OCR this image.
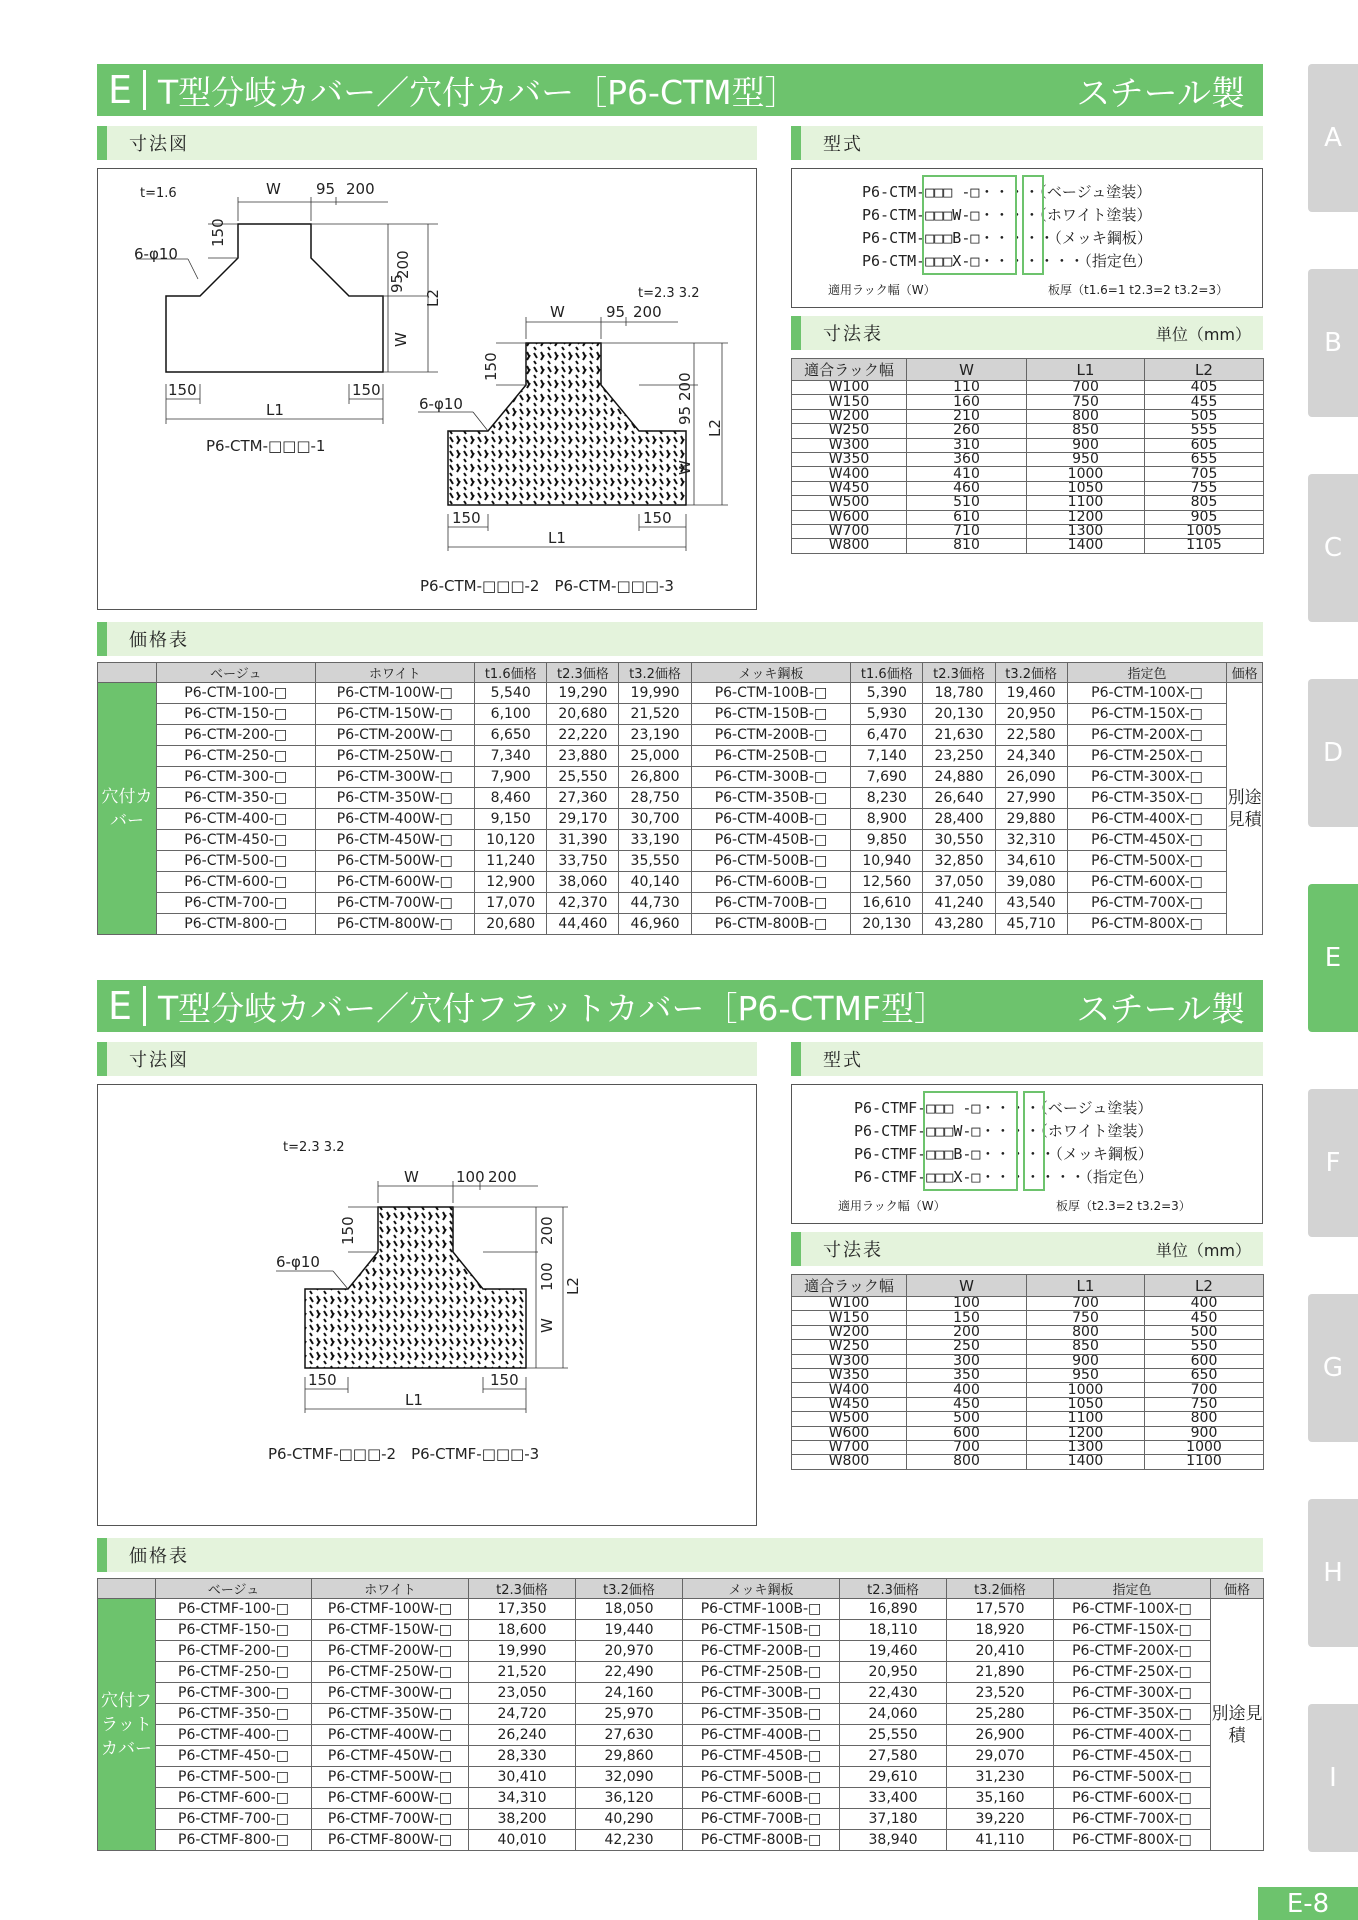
A
B
C
D
E
F
G
H
I
E-8
E T型分岐カバー／穴付カバー［P6-CTM型］	スチール製
寸法図	型式
t=1.6	W 95 200
6-φ10
150
200
95
W
L2
150	150
L1
P6-CTM-□□□-1
t=2.3 3.2
W	95 200
6-φ10
150
200
95
W
L2
150	150
L1
P6-CTM-□□□-2　P6-CTM-□□□-3
P6-CTM-□□□ -□・・・・（ベージュ塗装）
P6-CTM-□□□W-□・・・・（ホワイト塗装）
P6-CTM-□□□B-□・・・・・（メッキ鋼板）
P6-CTM-□□□X-□・・・・・・・（指定色）
適用ラック幅（W）	板厚（t1.6=1 t2.3=2 t3.2=3）
寸法表	単位（mm）
適合ラック幅	W	L1	L2
W100	110	700	405
W150	160	750	455
W200	210	800	505
W250	260	850	555
W300	310	900	605
W350	360	950	655
W400	410	1000	705
W450	460	1050	755
W500	510	1100	805
W600	610	1200	905
W700	710	1300	1005
W800	810	1400	1105
価格表
	ベージュ	ホワイト	t1.6価格	t2.3価格	t3.2価格	メッキ鋼板	t1.6価格	t2.3価格	t3.2価格	指定色	価格
穴付カバー	P6-CTM-100-□	P6-CTM-100W-□	5,540	19,290	19,990	P6-CTM-100B-□	5,390	18,780	19,460	P6-CTM-100X-□	別途見積
	P6-CTM-150-□	P6-CTM-150W-□	6,100	20,680	21,520	P6-CTM-150B-□	5,930	20,130	20,950	P6-CTM-150X-□	
	P6-CTM-200-□	P6-CTM-200W-□	6,650	22,220	23,190	P6-CTM-200B-□	6,470	21,630	22,580	P6-CTM-200X-□	
	P6-CTM-250-□	P6-CTM-250W-□	7,340	23,880	25,000	P6-CTM-250B-□	7,140	23,250	24,340	P6-CTM-250X-□	
	P6-CTM-300-□	P6-CTM-300W-□	7,900	25,550	26,800	P6-CTM-300B-□	7,690	24,880	26,090	P6-CTM-300X-□	
	P6-CTM-350-□	P6-CTM-350W-□	8,460	27,360	28,750	P6-CTM-350B-□	8,230	26,640	27,990	P6-CTM-350X-□	
	P6-CTM-400-□	P6-CTM-400W-□	9,150	29,170	30,700	P6-CTM-400B-□	8,900	28,400	29,880	P6-CTM-400X-□	
	P6-CTM-450-□	P6-CTM-450W-□	10,120	31,390	33,190	P6-CTM-450B-□	9,850	30,550	32,310	P6-CTM-450X-□	
	P6-CTM-500-□	P6-CTM-500W-□	11,240	33,750	35,550	P6-CTM-500B-□	10,940	32,850	34,610	P6-CTM-500X-□	
	P6-CTM-600-□	P6-CTM-600W-□	12,900	38,060	40,140	P6-CTM-600B-□	12,560	37,050	39,080	P6-CTM-600X-□	
	P6-CTM-700-□	P6-CTM-700W-□	17,070	42,370	44,730	P6-CTM-700B-□	16,610	41,240	43,540	P6-CTM-700X-□	
	P6-CTM-800-□	P6-CTM-800W-□	20,680	44,460	46,960	P6-CTM-800B-□	20,130	43,280	45,710	P6-CTM-800X-□	
E T型分岐カバー／穴付フラットカバー［P6-CTMF型］	スチール製
寸法図	型式
t=2.3 3.2
W 100 200
6-φ10
150	200
100
W
L2
150	150
L1
P6-CTMF-□□□-2　P6-CTMF-□□□-3
P6-CTMF-□□□ -□・・・・（ベージュ塗装）
P6-CTMF-□□□W-□・・・・（ホワイト塗装）
P6-CTMF-□□□B-□・・・・・（メッキ鋼板）
P6-CTMF-□□□X-□・・・・・・・（指定色）
適用ラック幅（W）	板厚（t2.3=2 t3.2=3）
寸法表	単位（mm）
適合ラック幅	W	L1	L2
W100	100	700	400
W150	150	750	450
W200	200	800	500
W250	250	850	550
W300	300	900	600
W350	350	950	650
W400	400	1000	700
W450	450	1050	750
W500	500	1100	800
W600	600	1200	900
W700	700	1300	1000
W800	800	1400	1100
価格表
	ベージュ	ホワイト	t2.3価格	t3.2価格	メッキ鋼板	t2.3価格	t3.2価格	指定色	価格
穴付フラットカバー	P6-CTMF-100-□	P6-CTMF-100W-□	17,350	18,050	P6-CTMF-100B-□	16,890	17,570	P6-CTMF-100X-□	別途見積
	P6-CTMF-150-□	P6-CTMF-150W-□	18,600	19,440	P6-CTMF-150B-□	18,110	18,920	P6-CTMF-150X-□	
	P6-CTMF-200-□	P6-CTMF-200W-□	19,990	20,970	P6-CTMF-200B-□	19,460	20,410	P6-CTMF-200X-□	
	P6-CTMF-250-□	P6-CTMF-250W-□	21,520	22,490	P6-CTMF-250B-□	20,950	21,890	P6-CTMF-250X-□	
	P6-CTMF-300-□	P6-CTMF-300W-□	23,050	24,160	P6-CTMF-300B-□	22,430	23,520	P6-CTMF-300X-□	
	P6-CTMF-350-□	P6-CTMF-350W-□	24,720	25,970	P6-CTMF-350B-□	24,060	25,280	P6-CTMF-350X-□	
	P6-CTMF-400-□	P6-CTMF-400W-□	26,240	27,630	P6-CTMF-400B-□	25,550	26,900	P6-CTMF-400X-□	
	P6-CTMF-450-□	P6-CTMF-450W-□	28,330	29,860	P6-CTMF-450B-□	27,580	29,070	P6-CTMF-450X-□	
	P6-CTMF-500-□	P6-CTMF-500W-□	30,410	32,090	P6-CTMF-500B-□	29,610	31,230	P6-CTMF-500X-□	
	P6-CTMF-600-□	P6-CTMF-600W-□	34,310	36,120	P6-CTMF-600B-□	33,400	35,160	P6-CTMF-600X-□	
	P6-CTMF-700-□	P6-CTMF-700W-□	38,200	40,290	P6-CTMF-700B-□	37,180	39,220	P6-CTMF-700X-□	
	P6-CTMF-800-□	P6-CTMF-800W-□	40,010	42,230	P6-CTMF-800B-□	38,940	41,110	P6-CTMF-800X-□	
